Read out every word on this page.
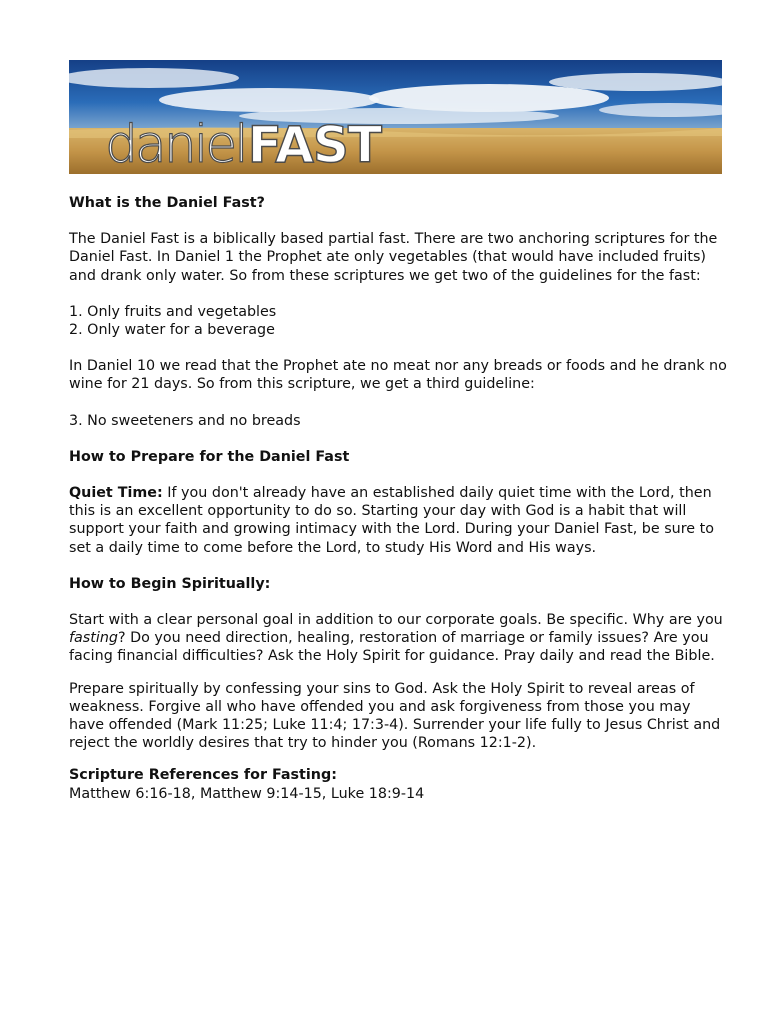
daniel FAST

What is the Daniel Fast?

The Daniel Fast is a biblically based partial fast. There are two anchoring scriptures for the Daniel Fast. In Daniel 1 the Prophet ate only vegetables (that would have included fruits) and drank only water. So from these scriptures we get two of the guidelines for the fast:

1. Only fruits and vegetables

2. Only water for a beverage

In Daniel 10 we read that the Prophet ate no meat nor any breads or foods and he drank no wine for 21 days. So from this scripture, we get a third guideline:

3. No sweeteners and no breads

How to Prepare for the Daniel Fast

Quiet Time: If you don't already have an established daily quiet time with the Lord, then this is an excellent opportunity to do so. Starting your day with God is a habit that will support your faith and growing intimacy with the Lord. During your Daniel Fast, be sure to set a daily time to come before the Lord, to study His Word and His ways.

How to Begin Spiritually:

Start with a clear personal goal in addition to our corporate goals. Be specific. Why are you fasting? Do you need direction, healing, restoration of marriage or family issues? Are you facing financial difficulties? Ask the Holy Spirit for guidance. Pray daily and read the Bible.

Prepare spiritually by confessing your sins to God. Ask the Holy Spirit to reveal areas of weakness. Forgive all who have offended you and ask forgiveness from those you may have offended (Mark 11:25; Luke 11:4; 17:3-4). Surrender your life fully to Jesus Christ and reject the worldly desires that try to hinder you (Romans 12:1-2).

Scripture References for Fasting:

Matthew 6:16-18, Matthew 9:14-15, Luke 18:9-14
